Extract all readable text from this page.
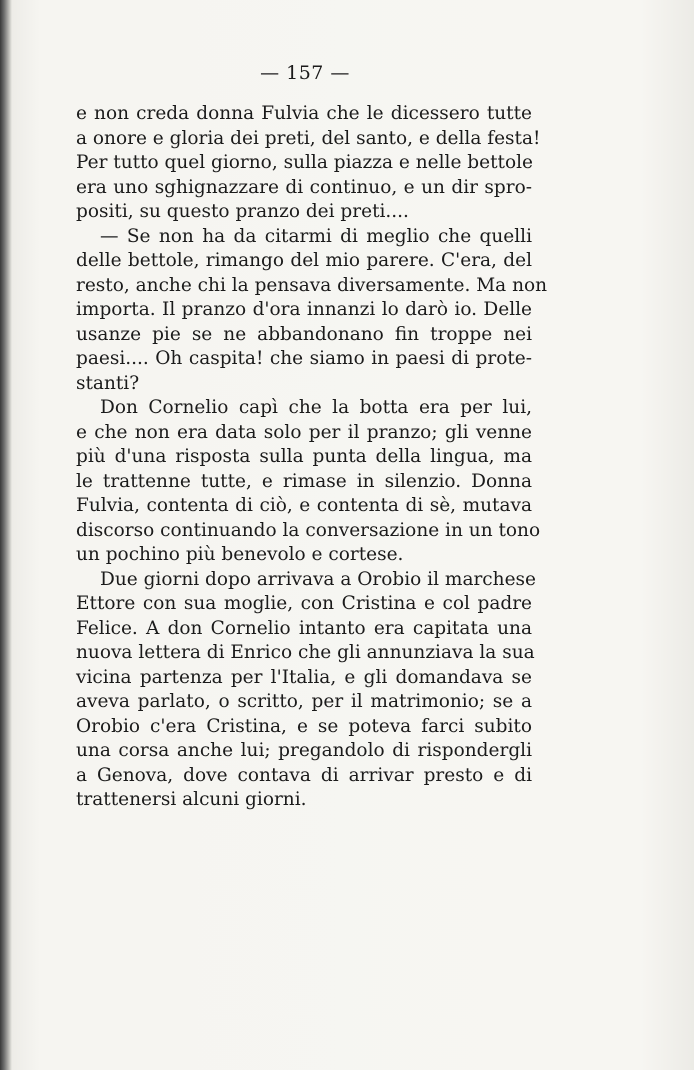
— 157 —
e non creda donna Fulvia che le dicessero tutte
a onore e gloria dei preti, del santo, e della festa!
Per tutto quel giorno, sulla piazza e nelle bettole
era uno sghignazzare di continuo, e un dir spro-
positi, su questo pranzo dei preti....
— Se non ha da citarmi di meglio che quelli
delle bettole, rimango del mio parere. C'era, del
resto, anche chi la pensava diversamente. Ma non
importa. Il pranzo d'ora innanzi lo darò io. Delle
usanze pie se ne abbandonano fin troppe nei
paesi.... Oh caspita! che siamo in paesi di prote-
stanti?
Don Cornelio capì che la botta era per lui,
e che non era data solo per il pranzo; gli venne
più d'una risposta sulla punta della lingua, ma
le trattenne tutte, e rimase in silenzio. Donna
Fulvia, contenta di ciò, e contenta di sè, mutava
discorso continuando la conversazione in un tono
un pochino più benevolo e cortese.
Due giorni dopo arrivava a Orobio il marchese
Ettore con sua moglie, con Cristina e col padre
Felice. A don Cornelio intanto era capitata una
nuova lettera di Enrico che gli annunziava la sua
vicina partenza per l'Italia, e gli domandava se
aveva parlato, o scritto, per il matrimonio; se a
Orobio c'era Cristina, e se poteva farci subito
una corsa anche lui; pregandolo di rispondergli
a Genova, dove contava di arrivar presto e di
trattenersi alcuni giorni.
